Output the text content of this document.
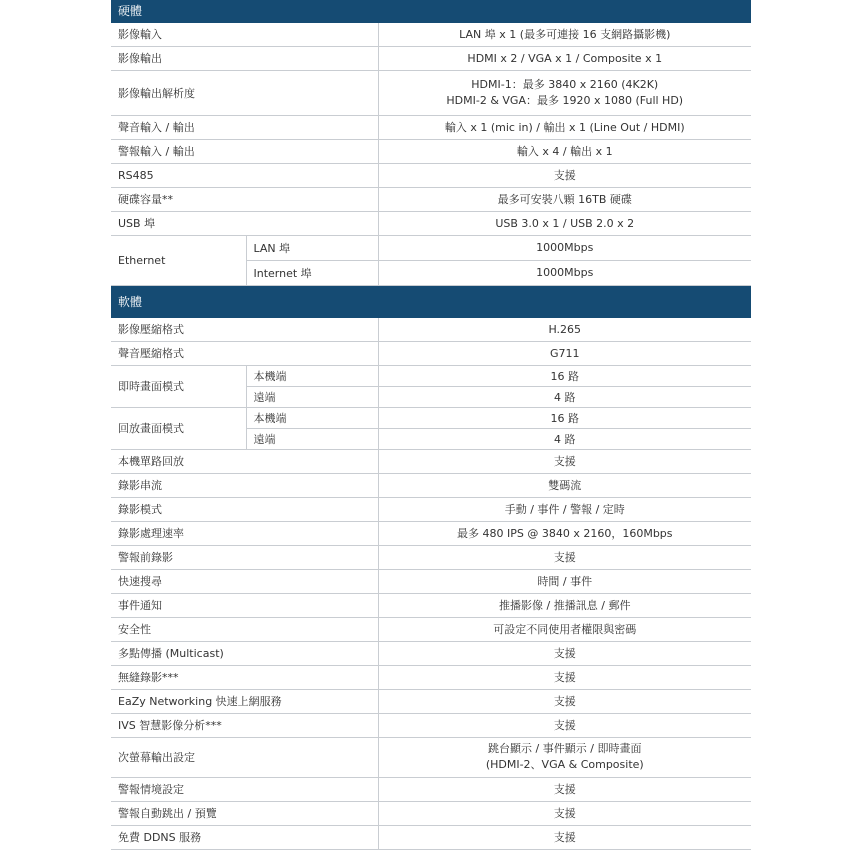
硬體		
影像輸入		LAN 埠 x 1 (最多可連接 16 支網路攝影機)
影像輸出		HDMI x 2 / VGA x 1 / Composite x 1
影像輸出解析度		HDMI-1：最多 3840 x 2160 (4K2K)
HDMI-2 & VGA：最多 1920 x 1080 (Full HD)

聲音輸入 / 輸出		輸入 x 1 (mic in) / 輸出 x 1 (Line Out / HDMI)
警報輸入 / 輸出		輸入 x 4 / 輸出 x 1
RS485		支援
硬碟容量**		最多可安裝八顆 16TB 硬碟
USB 埠		USB 3.0 x 1 / USB 2.0 x 2
Ethernet	LAN 埠	1000Mbps
	Internet 埠	1000Mbps
軟體		
影像壓縮格式		H.265
聲音壓縮格式		G711
即時畫面模式	本機端	16 路
	遠端	4 路
回放畫面模式	本機端	16 路
	遠端	4 路
本機單路回放		支援
錄影串流		雙碼流
錄影模式		手動 / 事件 / 警報 / 定時
錄影處理速率		最多 480 IPS @ 3840 x 2160，160Mbps
警報前錄影		支援
快速搜尋		時間 / 事件
事件通知		推播影像 / 推播訊息 / 郵件
安全性		可設定不同使用者權限與密碼
多點傳播 (Multicast)		支援
無縫錄影***		支援
EaZy Networking 快速上網服務		支援
IVS 智慧影像分析***		支援
次螢幕輸出設定		跳台顯示 / 事件顯示 / 即時畫面
(HDMI-2、VGA & Composite)

警報情境設定		支援
警報自動跳出 / 預覽		支援
免費 DDNS 服務		支援
